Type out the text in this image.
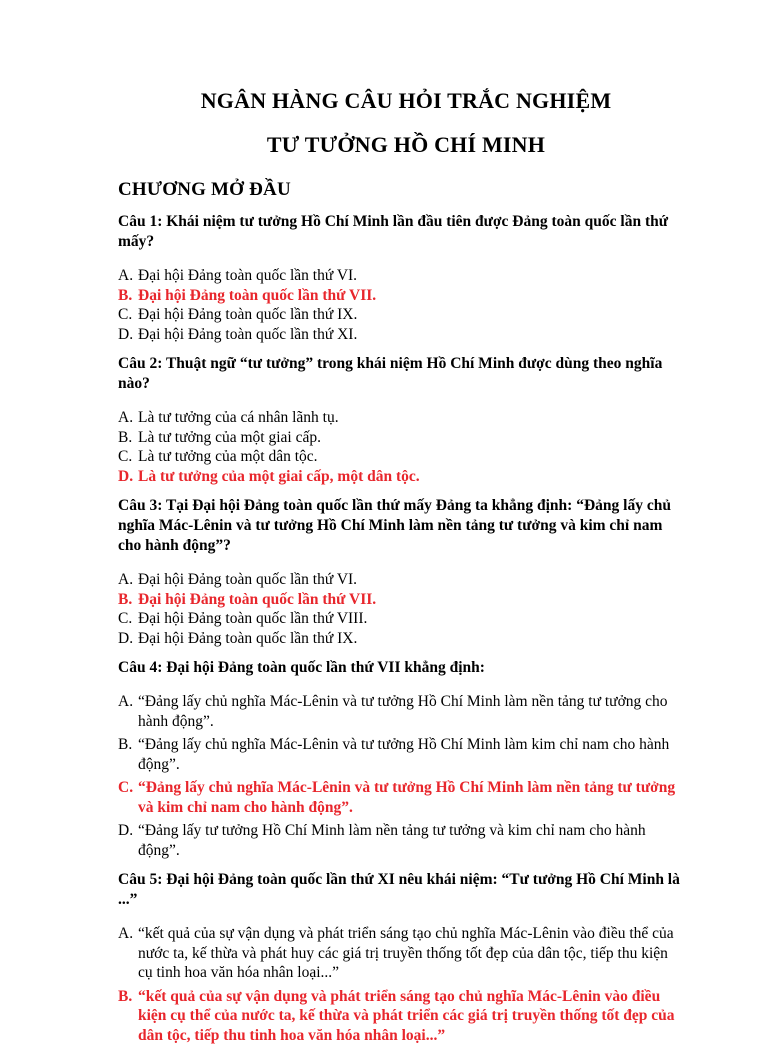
NGÂN HÀNG CÂU HỎI TRẮC NGHIỆM
TƯ TƯỞNG HỒ CHÍ MINH
CHƯƠNG MỞ ĐẦU

Câu 1: Khái niệm tư tưởng Hồ Chí Minh lần đầu tiên được Đảng toàn quốc lần thứ mấy?

A. Đại hội Đảng toàn quốc lần thứ VI.
B. Đại hội Đảng toàn quốc lần thứ VII.
C. Đại hội Đảng toàn quốc lần thứ IX.
D. Đại hội Đảng toàn quốc lần thứ XI.

Câu 2: Thuật ngữ “tư tưởng” trong khái niệm Hồ Chí Minh được dùng theo nghĩa nào?

A. Là tư tưởng của cá nhân lãnh tụ.
B. Là tư tưởng của một giai cấp.
C. Là tư tưởng của một dân tộc.
D. Là tư tưởng của một giai cấp, một dân tộc.

Câu 3: Tại Đại hội Đảng toàn quốc lần thứ mấy Đảng ta khẳng định: “Đảng lấy chủ nghĩa Mác-Lênin và tư tưởng Hồ Chí Minh làm nền tảng tư tưởng và kim chỉ nam cho hành động”?

A. Đại hội Đảng toàn quốc lần thứ VI.
B. Đại hội Đảng toàn quốc lần thứ VII.
C. Đại hội Đảng toàn quốc lần thứ VIII.
D. Đại hội Đảng toàn quốc lần thứ IX.

Câu 4: Đại hội Đảng toàn quốc lần thứ VII khẳng định:

A. “Đảng lấy chủ nghĩa Mác-Lênin và tư tưởng Hồ Chí Minh làm nền tảng tư tưởng cho hành động”.
B. “Đảng lấy chủ nghĩa Mác-Lênin và tư tưởng Hồ Chí Minh làm kim chỉ nam cho hành động”.
C. “Đảng lấy chủ nghĩa Mác-Lênin và tư tưởng Hồ Chí Minh làm nền tảng tư tưởng và kim chỉ nam cho hành động”.
D. “Đảng lấy tư tưởng Hồ Chí Minh làm nền tảng tư tưởng và kim chỉ nam cho hành động”.

Câu 5: Đại hội Đảng toàn quốc lần thứ XI nêu khái niệm: “Tư tưởng Hồ Chí Minh là ...”

A. “kết quả của sự vận dụng và phát triển sáng tạo chủ nghĩa Mác-Lênin vào điều thể của nước ta, kế thừa và phát huy các giá trị truyền thống tốt đẹp của dân tộc, tiếp thu kiện cụ tinh hoa văn hóa nhân loại...”
B. “kết quả của sự vận dụng và phát triển sáng tạo chủ nghĩa Mác-Lênin vào điều kiện cụ thể của nước ta, kế thừa và phát triển các giá trị truyền thống tốt đẹp của dân tộc, tiếp thu tinh hoa văn hóa nhân loại...”
